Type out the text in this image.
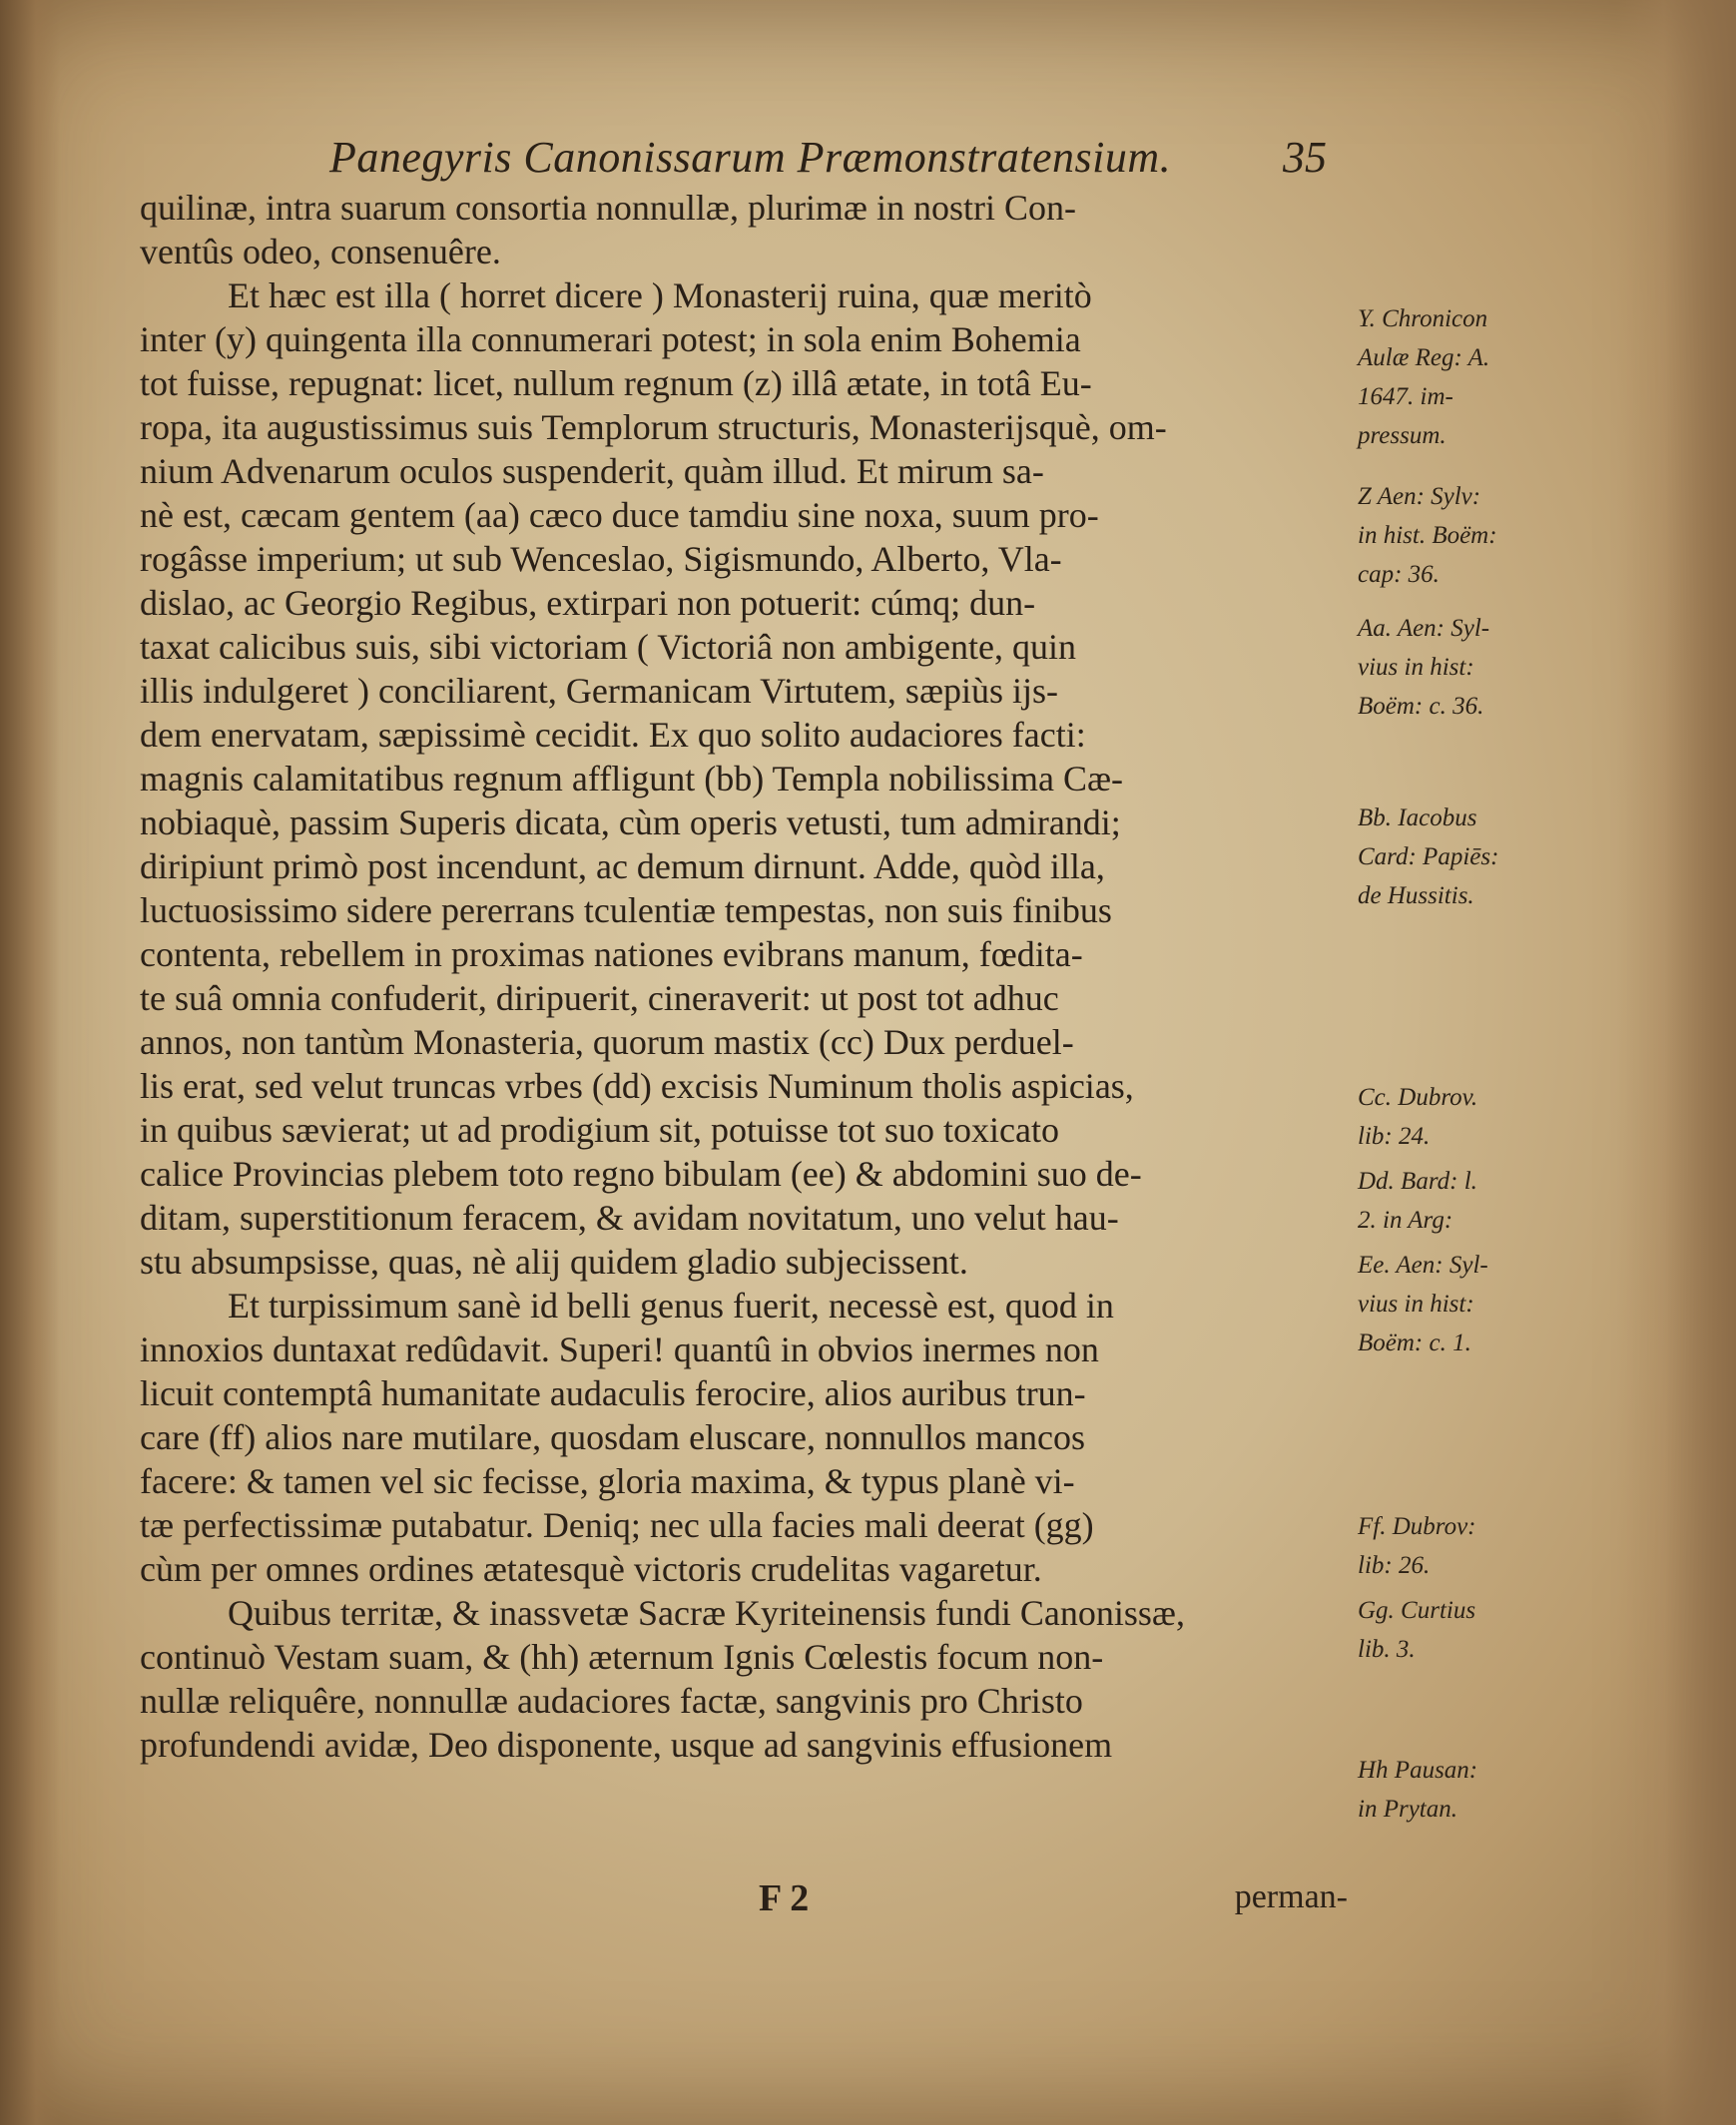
Panegyris Canonissarum Præmonstratensium.	35
quilinæ, intra suarum consortia nonnullæ, plurimæ in nostri Con-
ventûs odeo, consenuêre.
Et hæc est illa ( horret dicere ) Monasterij ruina, quæ meritò
inter (y) quingenta illa connumerari potest; in sola enim Bohemia
tot fuisse, repugnat: licet, nullum regnum (z) illâ ætate, in totâ Eu-
ropa, ita augustissimus suis Templorum structuris, Monasterijsquè, om-
nium Advenarum oculos suspenderit, quàm illud. Et mirum sa-
nè est, cæcam gentem (aa) cæco duce tamdiu sine noxa, suum pro-
rogâsse imperium; ut sub Wenceslao, Sigismundo, Alberto, Vla-
dislao, ac Georgio Regibus, extirpari non potuerit: cúmq; dun-
taxat calicibus suis, sibi victoriam ( Victoriâ non ambigente, quin
illis indulgeret ) conciliarent, Germanicam Virtutem, sæpiùs ijs-
dem enervatam, sæpissimè cecidit. Ex quo solito audaciores facti:
magnis calamitatibus regnum affligunt (bb) Templa nobilissima Cæ-
nobiaquè, passim Superis dicata, cùm operis vetusti, tum admirandi;
diripiunt primò post incendunt, ac demum dirnunt. Adde, quòd illa,
luctuosissimo sidere pererrans tculentiæ tempestas, non suis finibus
contenta, rebellem in proximas nationes evibrans manum, fœdita-
te suâ omnia confuderit, diripuerit, cineraverit: ut post tot adhuc
annos, non tantùm Monasteria, quorum mastix (cc) Dux perduel-
lis erat, sed velut truncas vrbes (dd) excisis Numinum tholis aspicias,
in quibus sævierat; ut ad prodigium sit, potuisse tot suo toxicato
calice Provincias plebem toto regno bibulam (ee) & abdomini suo de-
ditam, superstitionum feracem, & avidam novitatum, uno velut hau-
stu absumpsisse, quas, nè alij quidem gladio subjecissent.
Et turpissimum sanè id belli genus fuerit, necessè est, quod in
innoxios duntaxat redûdavit. Superi! quantû in obvios inermes non
licuit contemptâ humanitate audaculis ferocire, alios auribus trun-
care (ff) alios nare mutilare, quosdam eluscare, nonnullos mancos
facere: & tamen vel sic fecisse, gloria maxima, & typus planè vi-
tæ perfectissimæ putabatur. Deniq; nec ulla facies mali deerat (gg)
cùm per omnes ordines ætatesquè victoris crudelitas vagaretur.
Quibus territæ, & inassvetæ Sacræ Kyriteinensis fundi Canonissæ,
continuò Vestam suam, & (hh) æternum Ignis Cœlestis focum non-
nullæ reliquêre, nonnullæ audaciores factæ, sangvinis pro Christo
profundendi avidæ, Deo disponente, usque ad sangvinis effusionem
Y. Chronicon
Aulæ Reg: A.
1647. im-
pressum.
Z Aen: Sylv:
in hist. Boëm:
cap: 36.
Aa. Aen: Syl-
vius in hist:
Boëm: c. 36.
Bb. Iacobus
Card: Papiēs:
de Hussitis.
Cc. Dubrov.
lib: 24.
Dd. Bard: l.
2. in Arg:
Ee. Aen: Syl-
vius in hist:
Boëm: c. 1.
Ff. Dubrov:
lib: 26.
Gg. Curtius
lib. 3.
Hh Pausan:
in Prytan.
F 2	perman-
